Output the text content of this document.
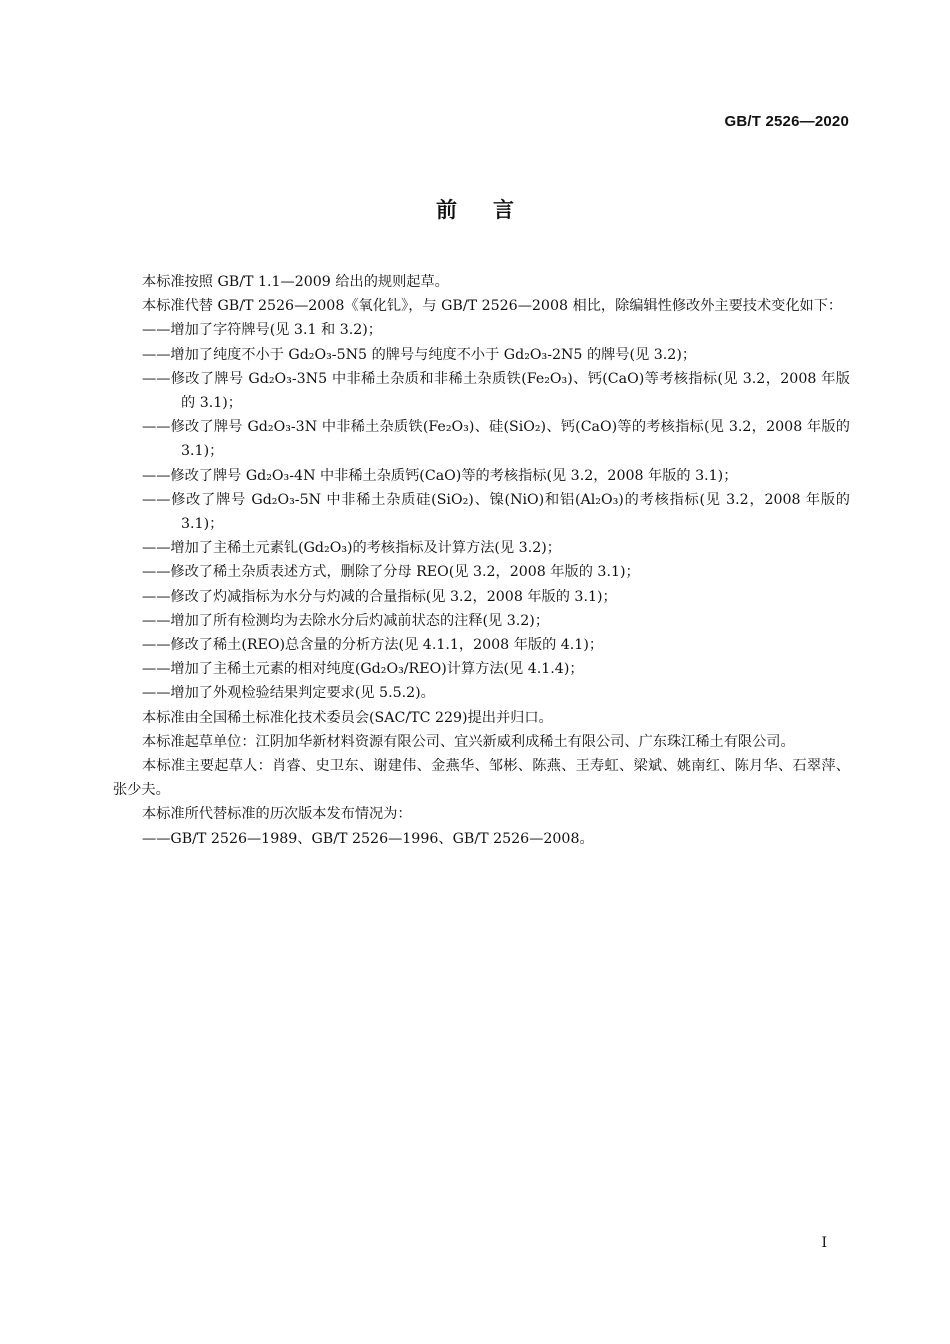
GB/T 2526—2020
前言

本标准按照 GB/T 1.1—2009 给出的规则起草。

本标准代替 GB/T 2526—2008《氧化钆》，与 GB/T 2526—2008 相比，除编辑性修改外主要技术变化如下：

——增加了字符牌号(见 3.1 和 3.2)；

——增加了纯度不小于 Gd₂O₃-5N5 的牌号与纯度不小于 Gd₂O₃-2N5 的牌号(见 3.2)；

——修改了牌号 Gd₂O₃-3N5 中非稀土杂质和非稀土杂质铁(Fe₂O₃)、钙(CaO)等考核指标(见 3.2，2008 年版的 3.1)；

——修改了牌号 Gd₂O₃-3N 中非稀土杂质铁(Fe₂O₃)、硅(SiO₂)、钙(CaO)等的考核指标(见 3.2，2008 年版的 3.1)；

——修改了牌号 Gd₂O₃-4N 中非稀土杂质钙(CaO)等的考核指标(见 3.2，2008 年版的 3.1)；

——修改了牌号 Gd₂O₃-5N 中非稀土杂质硅(SiO₂)、镍(NiO)和铝(Al₂O₃)的考核指标(见 3.2，2008 年版的 3.1)；

——增加了主稀土元素钆(Gd₂O₃)的考核指标及计算方法(见 3.2)；

——修改了稀土杂质表述方式，删除了分母 REO(见 3.2，2008 年版的 3.1)；

——修改了灼减指标为水分与灼减的合量指标(见 3.2，2008 年版的 3.1)；

——增加了所有检测均为去除水分后灼减前状态的注释(见 3.2)；

——修改了稀土(REO)总含量的分析方法(见 4.1.1，2008 年版的 4.1)；

——增加了主稀土元素的相对纯度(Gd₂O₃/REO)计算方法(见 4.1.4)；

——增加了外观检验结果判定要求(见 5.5.2)。

本标准由全国稀土标准化技术委员会(SAC/TC 229)提出并归口。

本标准起草单位：江阴加华新材料资源有限公司、宜兴新威利成稀土有限公司、广东珠江稀土有限公司。

本标准主要起草人：肖睿、史卫东、谢建伟、金燕华、邹彬、陈燕、王寿虹、梁斌、姚南红、陈月华、石翠萍、张少夫。

本标准所代替标准的历次版本发布情况为：

——GB/T 2526—1989、GB/T 2526—1996、GB/T 2526—2008。

I
